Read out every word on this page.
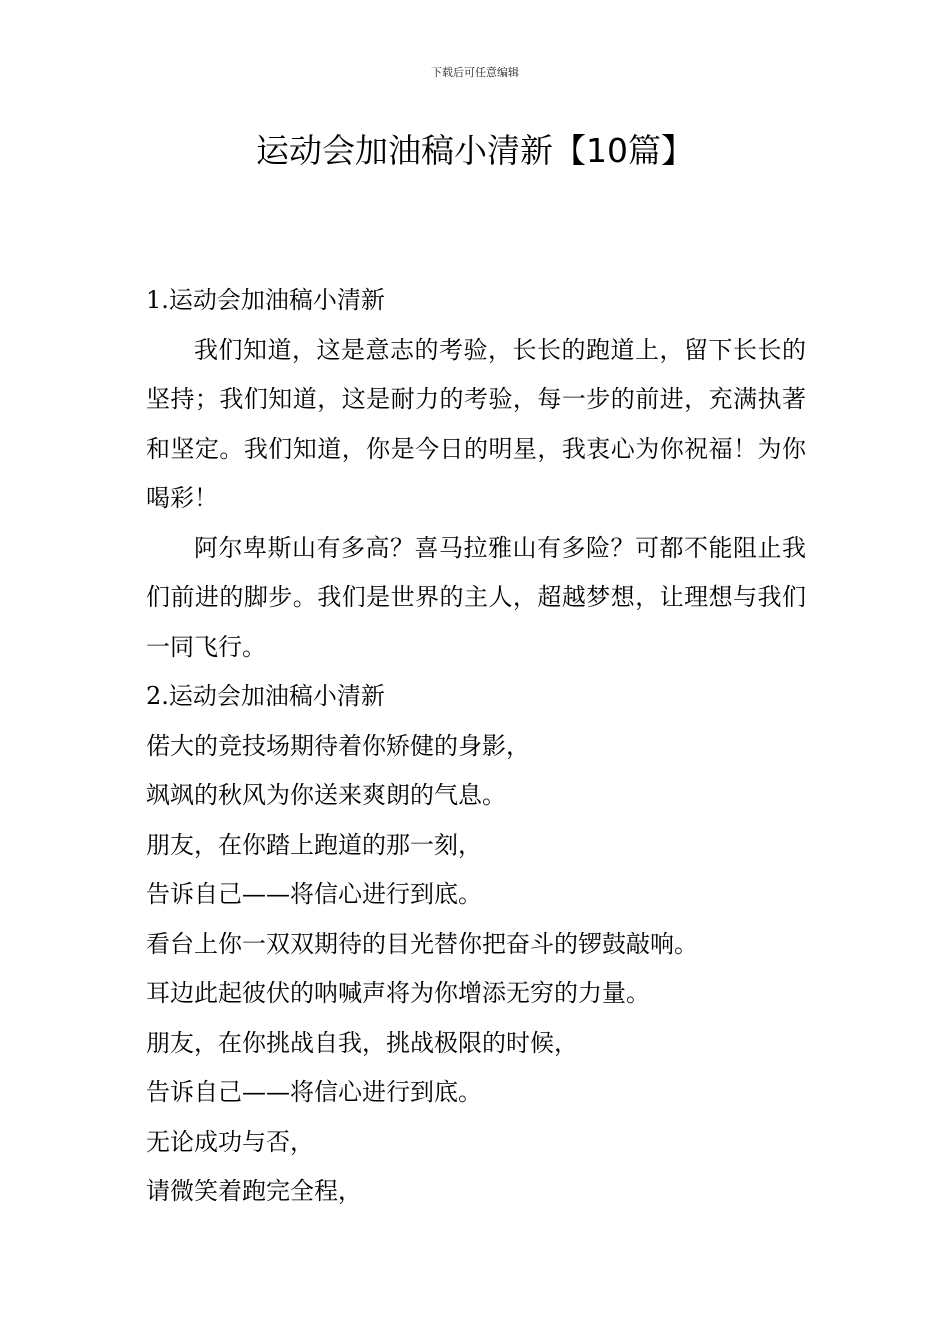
下载后可任意编辑
运动会加油稿小清新【10篇】

1.运动会加油稿小清新

我们知道，这是意志的考验，长长的跑道上，留下长长的坚持；我们知道，这是耐力的考验，每一步的前进，充满执著和坚定。我们知道，你是今日的明星，我衷心为你祝福！为你喝彩！

阿尔卑斯山有多高？喜马拉雅山有多险？可都不能阻止我们前进的脚步。我们是世界的主人，超越梦想，让理想与我们一同飞行。

2.运动会加油稿小清新

偌大的竞技场期待着你矫健的身影，

飒飒的秋风为你送来爽朗的气息。

朋友，在你踏上跑道的那一刻，

告诉自己——将信心进行到底。

看台上你一双双期待的目光替你把奋斗的锣鼓敲响。

耳边此起彼伏的呐喊声将为你增添无穷的力量。

朋友，在你挑战自我，挑战极限的时候，

告诉自己——将信心进行到底。

无论成功与否，

请微笑着跑完全程，
